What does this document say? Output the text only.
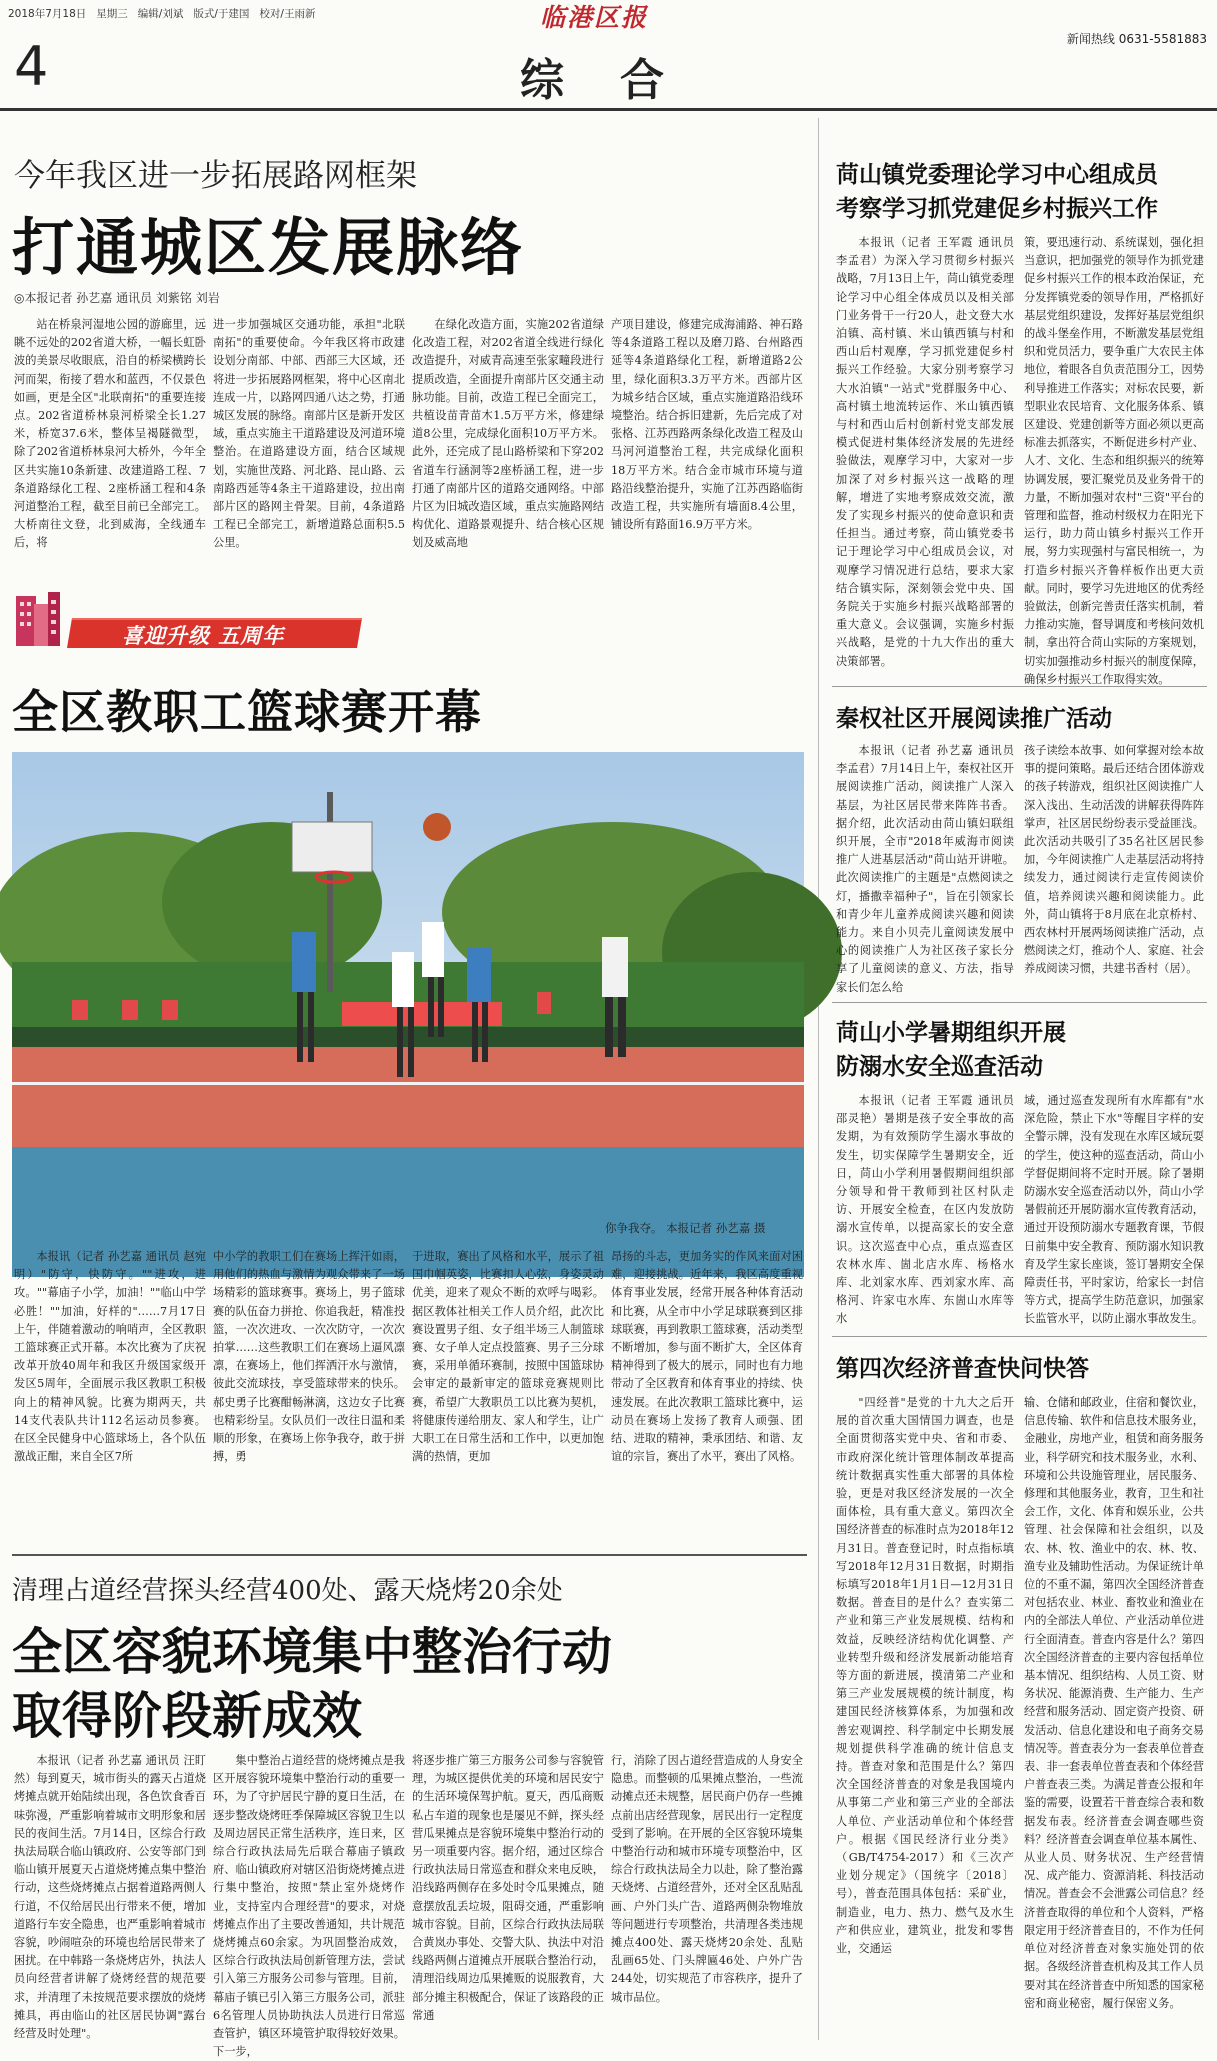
2018年7月18日 星期三 编辑/刘斌 版式/于建国 校对/王雨新	临港区报
新闻热线 0631-5581883
4	综　合
今年我区进一步拓展路网框架
打通城区发展脉络
◎本报记者 孙艺嘉 通讯员 刘紫铭 刘岩
站在桥泉河湿地公园的游廊里，远眺不远处的202省道大桥，一幅长虹卧波的美景尽收眼底，沿自的桥梁横跨长河而架，衔接了碧水和蓝西，不仅景色如画，更是全区"北联南拓"的重要连接点。202省道桥林泉河桥梁全长1.27米，桥宽37.6米，整体呈褐隧微型，除了202省道桥林泉河大桥外，今年全区共实施10条新建、改建道路工程、7条道路绿化工程、2座桥涵工程和4条河道整治工程，截至目前已全部完工。大桥南往文登，北到威海，全线通车后，将
进一步加强城区交通功能，承担"北联南拓"的重要使命。今年我区将市政建设划分南部、中部、西部三大区域，还将进一步拓展路网框架，将中心区南北连成一片，以路网四通八达之势，打通城区发展的脉络。南部片区是新开发区域，重点实施主干道路建设及河道环境整治。在道路建设方面，结合区域规划，实施世茂路、河北路、昆山路、云南路西延等4条主干道路建设，拉出南部片区的路网主骨架。目前，4条道路工程已全部完工，新增道路总面积5.5公里。
在绿化改造方面，实施202省道绿化改造工程，对202省道全线进行绿化改造提升，对威青高速至张家疃段进行提质改造，全面提升南部片区交通主动脉功能。目前，改造工程已全面完工，共植设苗青苗木1.5万平方米，修建绿道8公里，完成绿化面积10万平方米。此外，还完成了昆山路桥梁和下穿202省道车行涵洞等2座桥涵工程，进一步打通了南部片区的道路交通网络。中部片区为旧城改造区域，重点实施路网结构优化、道路景观提升、结合核心区规划及威高地
产项目建设，修建完成海浦路、神石路等4条道路工程以及磨刀路、台州路西延等4条道路绿化工程，新增道路2公里，绿化面积3.3万平方米。西部片区为城乡结合区域，重点实施道路沿线环境整治。结合拆旧建新，先后完成了对张格、江苏西路两条绿化改造工程及山马河河道整治工程，共完成绿化面积18万平方米。结合金市城市环境与道路沿线整治提升，实施了江苏西路临街改造工程，共实施所有墙面8.4公里，铺设所有路面16.9万平方米。
喜迎升级 五周年
全区教职工篮球赛开幕
你争我夺。 本报记者 孙艺嘉 摄
本报讯（记者 孙艺嘉 通讯员 赵宛明）"防守，快防守。""进攻，进攻。""幕庙子小学，加油！""临山中学必胜！""加油，好样的"……7月17日上午，伴随着激动的响哨声，全区教职工篮球赛正式开幕。本次比赛为了庆祝改革开放40周年和我区升级国家级开发区5周年，全面展示我区教职工积极向上的精神风貌。比赛为期两天，共14支代表队共计112名运动员参赛。在区全民健身中心篮球场上，各个队伍激战正酣，来自全区7所
中小学的教职工们在赛场上挥汗如雨，用他们的热血与激情为观众带来了一场场精彩的篮球赛事。赛场上，男子篮球赛的队伍奋力拼抢、你追我赶，精准投篮，一次次进攻、一次次防守，一次次拍掌……这些教职工们在赛场上逼风凛凛，在赛场上，他们挥洒汗水与激情，彼此交流球技，享受篮球带来的快乐。郝史勇子比赛酣畅淋漓，这边女子比赛也精彩纷呈。女队员们一改往日温和柔顺的形象，在赛场上你争我夺，敢于拼搏，勇
于进取，赛出了风格和水平，展示了祖国巾帼英姿，比赛扣人心弦，身姿灵动优美，迎来了观众不断的欢呼与喝彩。据区教体社相关工作人员介绍，此次比赛设置男子组、女子组半场三人制篮球赛、女子单人定点投篮赛、男子三分球赛，采用单循环赛制，按照中国篮球协会审定的最新审定的篮球竞赛规则比赛，希望广大教职员工以比赛为契机，将健康传递给朋友、家人和学生，让广大职工在日常生活和工作中，以更加饱满的热情，更加
昂扬的斗志，更加务实的作风来面对困难，迎接挑战。近年来，我区高度重视体育事业发展，经常开展各种体育活动和比赛，从全市中小学足球联赛到区排球联赛，再到教职工篮球赛，活动类型不断增加，参与面不断扩大，全区体育精神得到了极大的展示，同时也有力地带动了全区教育和体育事业的持续、快速发展。在此次教职工篮球比赛中，运动员在赛场上发扬了教育人顽强、团结、进取的精神，秉承团结、和谐、友谊的宗旨，赛出了水平，赛出了风格。
清理占道经营探头经营400处、露天烧烤20余处
全区容貌环境集中整治行动
取得阶段新成效
本报讯（记者 孙艺嘉 通讯员 汪盯然）每到夏天，城市街头的露天占道烧烤摊点就开始陆续出现，各色饮食香百味弥漫，严重影响着城市文明形象和居民的夜间生活。7月14日，区综合行政执法局联合临山镇政府、公安等部门到临山镇开展夏天占道烧烤摊点集中整治行动，这些烧烤摊点占据着道路两侧人行道，不仅给居民出行带来不便，增加道路行车安全隐患，也严重影响着城市容貌，吵闹喧杂的环境也给居民带来了困扰。在中韩路一条烧烤店外，执法人员向经营者讲解了烧烤经营的规范要求，并清理了未按规范要求摆放的烧烤摊具，再由临山的社区居民协调"露台经营及时处理"。
集中整治占道经营的烧烤摊点是我区开展容貌环境集中整治行动的重要一环，为了守护居民宁静的夏日生活，在逐步整改烧烤旺季保障城区容貌卫生以及周边居民正常生活秩序，连日来，区综合行政执法局先后联合幕庙子镇政府、临山镇政府对辖区沿街烧烤摊点进行集中整治，按照"禁止室外烧烤作业，支持室内合理经营"的要求，对烧烤摊点作出了主要改善通知，共计规范烧烤摊点60余家。为巩固整治成效，区综合行政执法局创新管理方法，尝试引入第三方服务公司参与管理。目前，幕庙子镇已引入第三方服务公司，派驻6名管理人员协助执法人员进行日常巡查管护，镇区环境管护取得较好效果。下一步，
将逐步推广第三方服务公司参与容貌管理，为城区提供优美的环境和居民安宁的生活环境保驾护航。夏天，西瓜商贩私占车道的现象也是屡见不鲜，探头经营瓜果摊点是容貌环境集中整治行动的另一项重要内容。据介绍，通过区综合行政执法局日常巡查和群众来电反映，沿线路两侧存在多处时令瓜果摊点，随意摆放乱丢垃圾，阻碍交通，严重影响城市容貌。目前，区综合行政执法局联合黄岚办事处、交警大队、执法中对沿线路两侧占道摊点开展联合整治行动，清理沿线周边瓜果摊贩的说服教育，大部分摊主积极配合，保证了该路段的正常通
行，消除了因占道经营造成的人身安全隐患。而整顿的瓜果摊点整治，一些流动摊点还未规整，居民商户仍存一些摊点前出店经营现象，居民出行一定程度受到了影响。在开展的全区容貌环境集中整治行动和城市环境专项整治中，区综合行政执法局全力以赴，除了整治露天烧烤、占道经营外，还对全区乱贴乱画、户外门头广告、道路两侧杂物堆放等问题进行专项整治，共清理各类违规摊点400处、露天烧烤20余处、乱贴乱画65处、门头牌匾46处、户外广告244处，切实规范了市容秩序，提升了城市品位。
苘山镇党委理论学习中心组成员
考察学习抓党建促乡村振兴工作
本报讯（记者 王军霞 通讯员 李孟君）为深入学习贯彻乡村振兴战略，7月13日上午，苘山镇党委理论学习中心组全体成员以及相关部门业务骨干一行20人，赴文登大水泊镇、高村镇、米山镇西镇与村和西山后村观摩，学习抓党建促乡村振兴工作经验。大家分别考察学习大水泊镇"一站式"党群服务中心、高村镇土地流转运作、米山镇西镇与村和西山后村创新村党支部发展模式促进村集体经济发展的先进经验做法，观摩学习中，大家对一步加深了对乡村振兴这一战略的理解，增进了实地考察成效交流，激发了实现乡村振兴的使命意识和责任担当。通过考察，苘山镇党委书记于理论学习中心组成员会议，对观摩学习情况进行总结，要求大家结合镇实际，深刻领会党中央、国务院关于实施乡村振兴战略部署的重大意义。会议强调，实施乡村振兴战略，是党的十九大作出的重大决策部署。
策，要迅速行动、系统谋划，强化担当意识，把加强党的领导作为抓党建促乡村振兴工作的根本政治保证，充分发挥镇党委的领导作用，严格抓好基层党组织建设，发挥好基层党组织的战斗堡垒作用，不断激发基层党组织和党员活力，要争重广大农民主体地位，着眼各自负责范围分工，因势利导推进工作落实；对标农民要，新型职业农民培育、文化服务体系、镇区建设、党建创新等方面必须以更高标准去抓落实，不断促进乡村产业、人才、文化、生态和组织振兴的统筹协调发展，要汇聚党员及业务骨干的力量，不断加强对农村"三资"平台的管理和监督，推动村级权力在阳光下运行，助力苘山镇乡村振兴工作开展，努力实现强村与富民相统一，为打造乡村振兴齐鲁样板作出更大贡献。同时，要学习先进地区的优秀经验做法，创新完善责任落实机制，着力推动实施，督导调度和考核问效机制，拿出符合苘山实际的方案规划，切实加强推动乡村振兴的制度保障，确保乡村振兴工作取得实效。
秦权社区开展阅读推广活动
本报讯（记者 孙艺嘉 通讯员 李孟君）7月14日上午，秦权社区开展阅读推广活动，阅读推广人深入基层，为社区居民带来阵阵书香。据介绍，此次活动由苘山镇妇联组织开展，全市"2018年威海市阅读推广人进基层活动"苘山站开讲啦。此次阅读推广的主题是"点燃阅读之灯，播撒幸福种子"，旨在引领家长和青少年儿童养成阅读兴趣和阅读能力。来自小贝壳儿童阅读发展中心的阅读推广人为社区孩子家长分享了儿童阅读的意义、方法，指导家长们怎么给
孩子读绘本故事、如何掌握对绘本故事的提问策略。最后还结合团体游戏的孩子转游戏，组织社区阅读推广人深入浅出、生动活泼的讲解获得阵阵掌声，社区居民纷纷表示受益匪浅。此次活动共吸引了35名社区居民参加，今年阅读推广人走基层活动将持续发力，通过阅读行走宣传阅读价值，培养阅读兴趣和阅读能力。此外，苘山镇将于8月底在北京桥村、西农林村开展两场阅读推广活动，点燃阅读之灯，推动个人、家庭、社会养成阅读习惯，共建书香村（居）。
苘山小学暑期组织开展
防溺水安全巡查活动
本报讯（记者 王军霞 通讯员 邵灵艳）暑期是孩子安全事故的高发期，为有效预防学生溺水事故的发生，切实保障学生暑期安全，近日，苘山小学利用暑假期间组织部分领导和骨干教师到社区村队走访、开展安全检查，在区内发放防溺水宣传单，以提高家长的安全意识。这次巡查中心点，重点巡查区农林水库、崮北店水库、杨格水库、北刘家水库、西刘家水库、高格河、许家屯水库、东崮山水库等水
域，通过巡查发现所有水库都有"水深危险，禁止下水"等醒目字样的安全警示牌，没有发现在水库区域玩耍的学生，使这种的巡查活动，苘山小学督促期间将不定时开展。除了暑期防溺水安全巡查活动以外，苘山小学暑假前还开展防溺水宣传教育活动，通过开设预防溺水专题教育课，节假日前集中安全教育、预防溺水知识教育及学生家长座谈，签订暑期安全保障责任书，平时家访，给家长一封信等方式，提高学生防范意识，加强家长监管水平，以防止溺水事故发生。
第四次经济普查快问快答
"四经普"是党的十九大之后开展的首次重大国情国力调查，也是全面贯彻落实党中央、省和市委、市政府深化统计管理体制改革提高统计数据真实性重大部署的具体检验，更是对我区经济发展的一次全面体检，具有重大意义。第四次全国经济普查的标准时点为2018年12月31日。普查登记时，时点指标填写2018年12月31日数据，时期指标填写2018年1月1日—12月31日数据。普查目的是什么？查实第二产业和第三产业发展规模、结构和效益，反映经济结构优化调整、产业转型升级和经济发展新动能培育等方面的新进展，摸清第二产业和第三产业发展规模的统计制度，构建国民经济核算体系，为加强和改善宏观调控、科学制定中长期发展规划提供科学准确的统计信息支持。普查对象和范围是什么？第四次全国经济普查的对象是我国境内从事第二产业和第三产业的全部法人单位、产业活动单位和个体经营户。根据《国民经济行业分类》（GB/T4754-2017）和《三次产业划分规定》（国统字〔2018〕号），普查范围具体包括：采矿业，制造业，电力、热力、燃气及水生产和供应业，建筑业，批发和零售业，交通运
输、仓储和邮政业，住宿和餐饮业，信息传输、软件和信息技术服务业，金融业，房地产业，租赁和商务服务业，科学研究和技术服务业，水利、环境和公共设施管理业，居民服务、修理和其他服务业，教育，卫生和社会工作，文化、体育和娱乐业，公共管理、社会保障和社会组织，以及农、林、牧、渔业中的农、林、牧、渔专业及辅助性活动。为保证统计单位的不重不漏，第四次全国经济普查对包括农业、林业、畜牧业和渔业在内的全部法人单位、产业活动单位进行全面清查。普查内容是什么？第四次全国经济普查的主要内容包括单位基本情况、组织结构、人员工资、财务状况、能源消费、生产能力、生产经营和服务活动、固定资产投资、研发活动、信息化建设和电子商务交易情况等。普查表分为一套表单位普查表、非一套表单位普查表和个体经营户普查表三类。为满足普查公报和年鉴的需要，设置若干普查综合表和数据发布表。经济普查会调查哪些资料？经济普查会调查单位基本属性、从业人员、财务状况、生产经营情况、成产能力、资源消耗、科技活动情况。普查会不会泄露公司信息？经济普查取得的单位和个人资料，严格限定用于经济普查目的，不作为任何单位对经济普查对象实施处罚的依据。各级经济普查机构及其工作人员要对其在经济普查中所知悉的国家秘密和商业秘密，履行保密义务。
